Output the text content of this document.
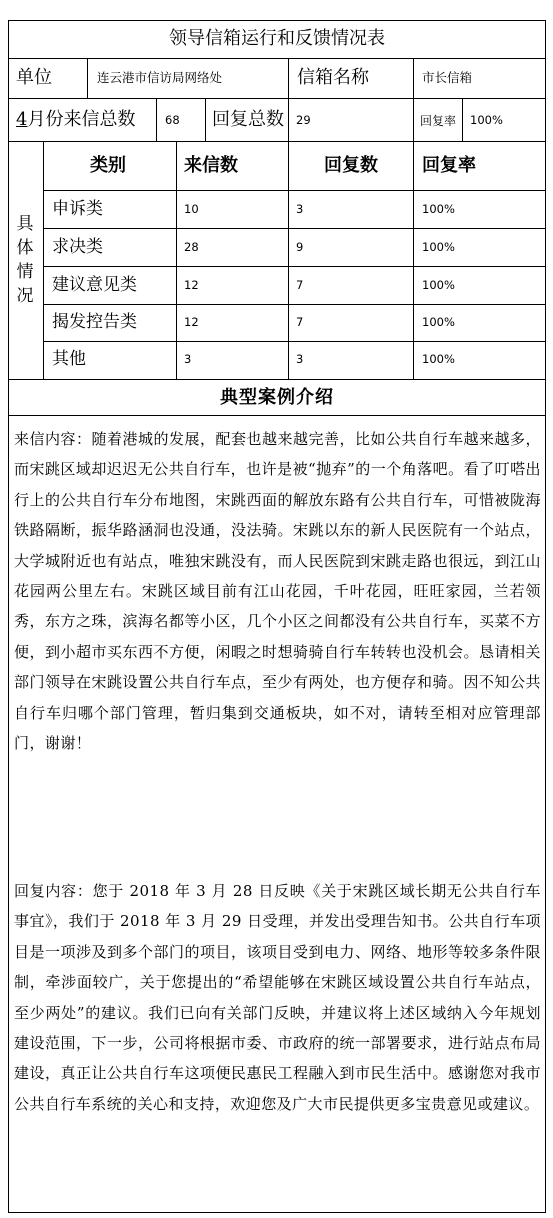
领导信箱运行和反馈情况表
单位	连云港市信访局网络处	信箱名称	市长信箱
4月份来信总数	68 回复总数 29	回复率 100%
具
体
情
况
类别	来信数	回复数 回复率
申诉类	10	3	100%
求决类	28	9	100%
建议意见类	12	7	100%
揭发控告类	12	7	100%
其他	3	3	100%
典型案例介绍
来信内容：随着港城的发展，配套也越来越完善，比如公共自行车越来越多，而宋跳区域却迟迟无公共自行车，也许是被“抛弃”的一个角落吧。看了叮嗒出行上的公共自行车分布地图，宋跳西面的解放东路有公共自行车，可惜被陇海铁路隔断，振华路涵洞也没通，没法骑。宋跳以东的新人民医院有一个站点，大学城附近也有站点，唯独宋跳没有，而人民医院到宋跳走路也很远，到江山花园两公里左右。宋跳区域目前有江山花园，千叶花园，旺旺家园，兰若领秀，东方之珠，滨海名都等小区，几个小区之间都没有公共自行车，买菜不方便，到小超市买东西不方便，闲暇之时想骑骑自行车转转也没机会。恳请相关部门领导在宋跳设置公共自行车点，至少有两处，也方便存和骑。因不知公共自行车归哪个部门管理，暂归集到交通板块，如不对，请转至相对应管理部门，谢谢！
回复内容：您于 2018 年 3 月 28 日反映《关于宋跳区域长期无公共自行车事宜》，我们于 2018 年 3 月 29 日受理，并发出受理告知书。公共自行车项目是一项涉及到多个部门的项目，该项目受到电力、网络、地形等较多条件限制，牵涉面较广，关于您提出的“希望能够在宋跳区域设置公共自行车站点，至少两处”的建议。我们已向有关部门反映，并建议将上述区域纳入今年规划建设范围，下一步，公司将根据市委、市政府的统一部署要求，进行站点布局建设，真正让公共自行车这项便民惠民工程融入到市民生活中。感谢您对我市公共自行车系统的关心和支持，欢迎您及广大市民提供更多宝贵意见或建议。
